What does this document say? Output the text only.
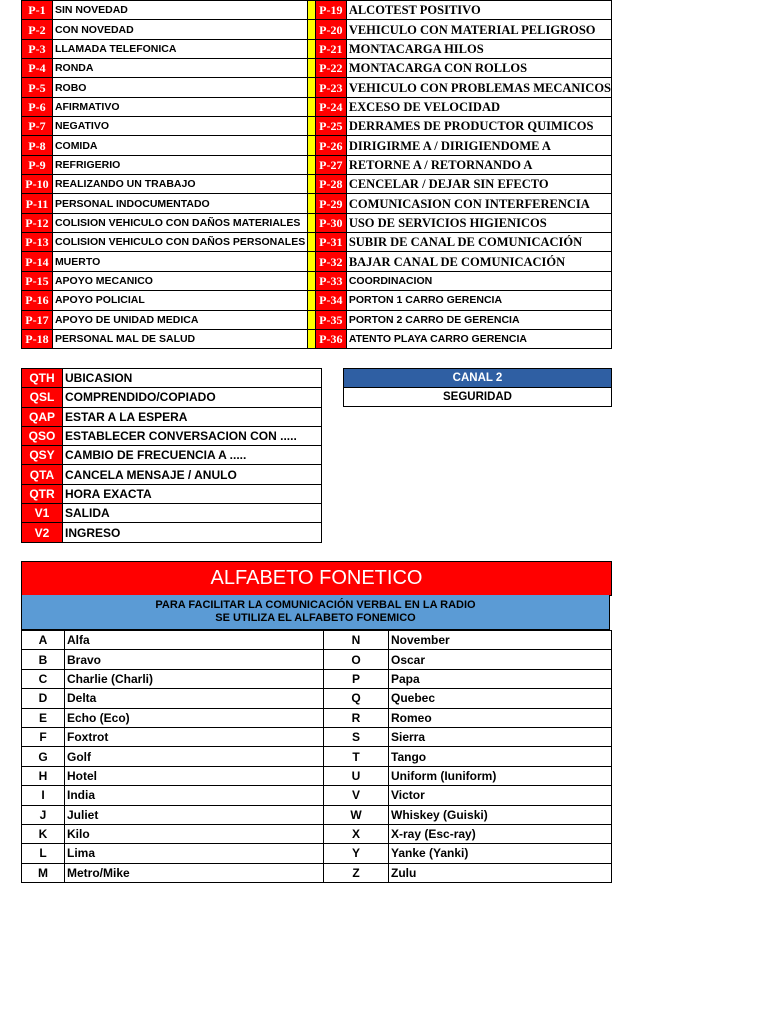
P-1	SIN NOVEDAD		P-19	ALCOTEST POSITIVO
P-2	CON NOVEDAD		P-20	VEHICULO CON MATERIAL PELIGROSO
P-3	LLAMADA TELEFONICA		P-21	MONTACARGA HILOS
P-4	RONDA		P-22	MONTACARGA CON ROLLOS
P-5	ROBO		P-23	VEHICULO CON PROBLEMAS MECANICOS
P-6	AFIRMATIVO		P-24	EXCESO DE VELOCIDAD
P-7	NEGATIVO		P-25	DERRAMES DE PRODUCTOR QUIMICOS
P-8	COMIDA		P-26	DIRIGIRME A / DIRIGIENDOME A
P-9	REFRIGERIO		P-27	RETORNE A / RETORNANDO A
P-10	REALIZANDO UN TRABAJO		P-28	CENCELAR / DEJAR SIN EFECTO
P-11	PERSONAL INDOCUMENTADO		P-29	COMUNICASION CON INTERFERENCIA
P-12	COLISION VEHICULO CON DAÑOS MATERIALES		P-30	USO DE SERVICIOS HIGIENICOS
P-13	COLISION VEHICULO CON DAÑOS PERSONALES		P-31	SUBIR DE CANAL DE COMUNICACIÓN
P-14	MUERTO		P-32	BAJAR CANAL DE COMUNICACIÓN
P-15	APOYO MECANICO		P-33	COORDINACION
P-16	APOYO POLICIAL		P-34	PORTON 1 CARRO GERENCIA
P-17	APOYO DE UNIDAD MEDICA		P-35	PORTON 2 CARRO DE GERENCIA
P-18	PERSONAL MAL DE SALUD		P-36	ATENTO PLAYA CARRO GERENCIA
QTH	UBICASION
QSL	COMPRENDIDO/COPIADO
QAP	ESTAR A LA ESPERA
QSO	ESTABLECER CONVERSACION CON .....
QSY	CAMBIO DE FRECUENCIA A .....
QTA	CANCELA MENSAJE / ANULO
QTR	HORA EXACTA
V1	SALIDA
V2	INGRESO
CANAL 2
SEGURIDAD
ALFABETO FONETICO
PARA FACILITAR LA COMUNICACIÓN VERBAL EN LA RADIO
SE UTILIZA EL ALFABETO FONEMICO
A	Alfa	N	November
B	Bravo	O	Oscar
C	Charlie (Charli)	P	Papa
D	Delta	Q	Quebec
E	Echo (Eco)	R	Romeo
F	Foxtrot	S	Sierra
G	Golf	T	Tango
H	Hotel	U	Uniform (Iuniform)
I	India	V	Victor
J	Juliet	W	Whiskey (Guiski)
K	Kilo	X	X-ray (Esc-ray)
L	Lima	Y	Yanke (Yanki)
M	Metro/Mike	Z	Zulu
